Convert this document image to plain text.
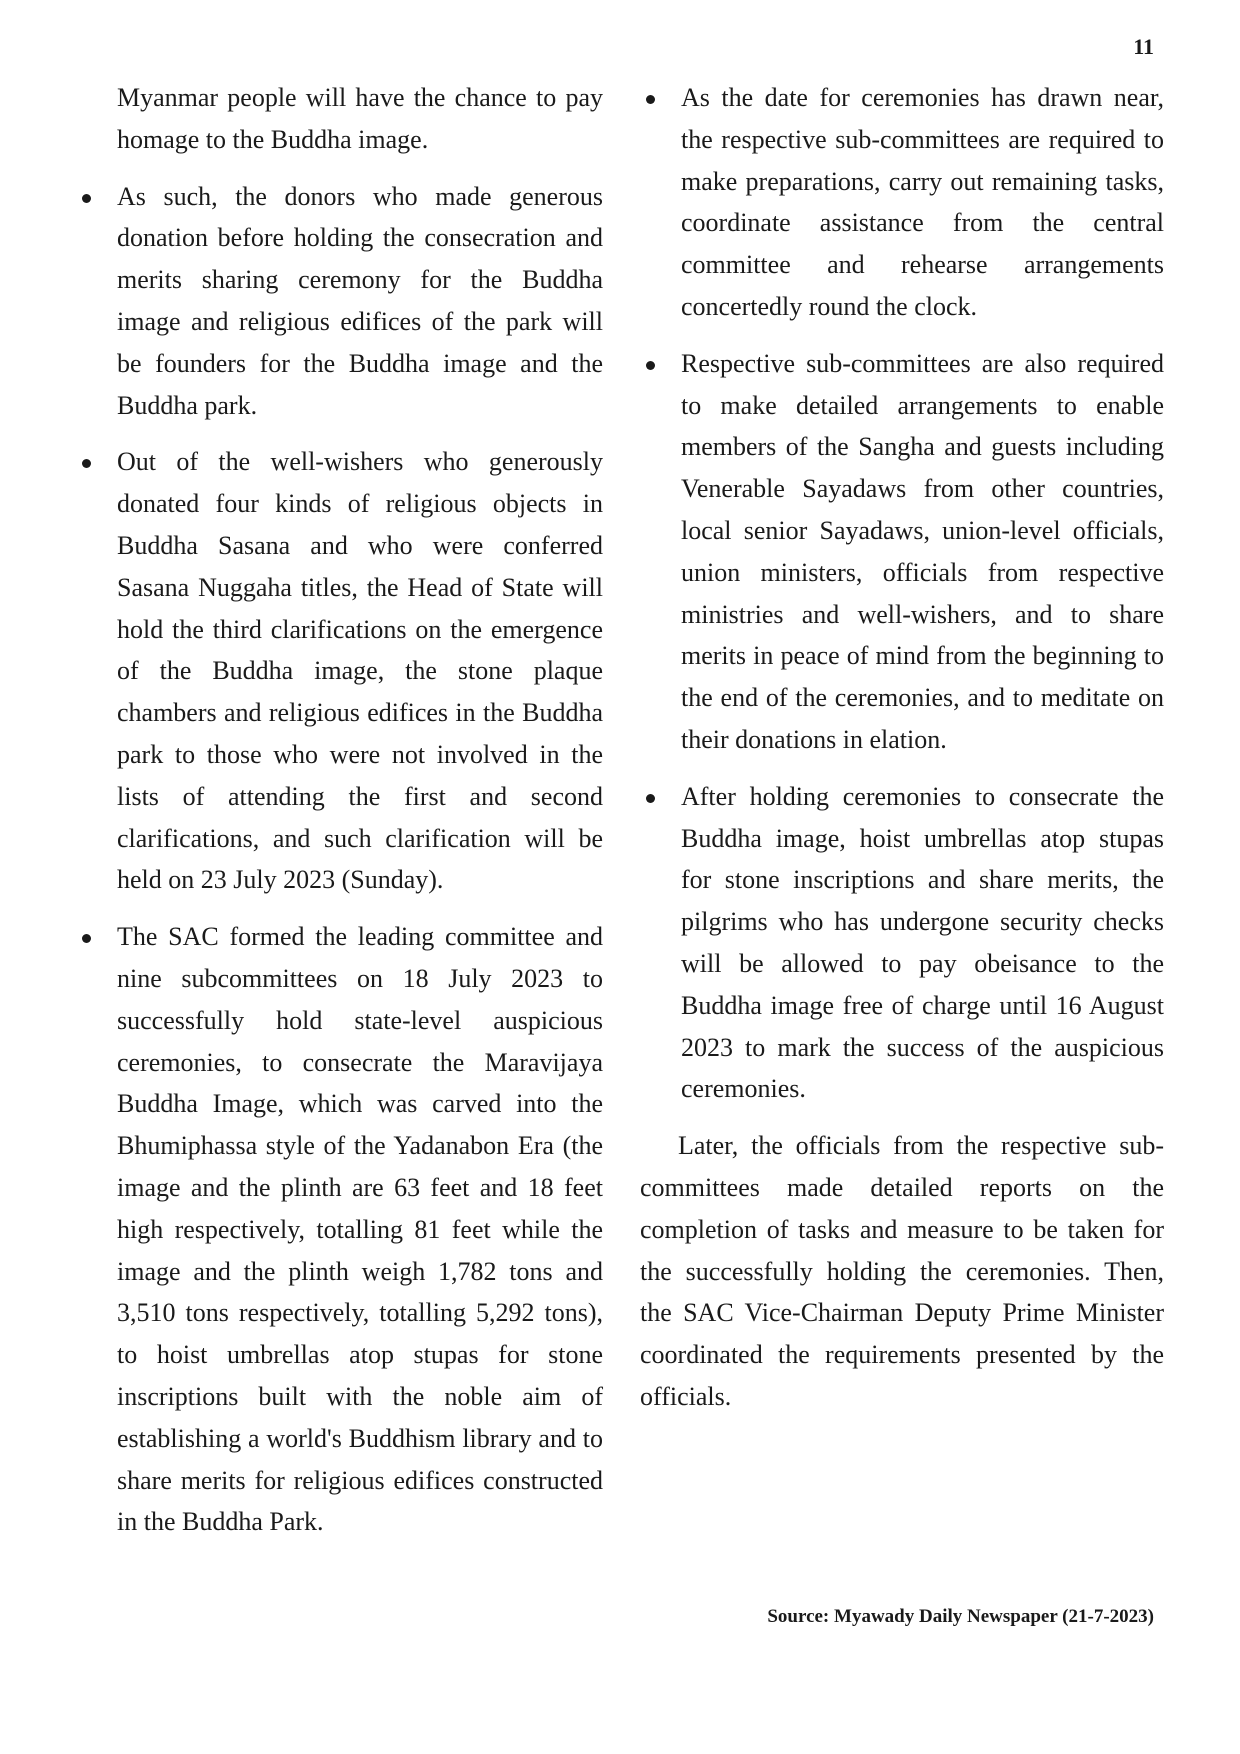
11

Myanmar people will have the chance to pay homage to the Buddha image.

As such, the donors who made generous donation before holding the consecration and merits sharing ceremony for the Buddha image and religious edifices of the park will be founders for the Buddha image and the Buddha park.
Out of the well-wishers who generously donated four kinds of religious objects in Buddha Sasana and who were conferred Sasana Nuggaha titles, the Head of State will hold the third clarifications on the emergence of the Buddha image, the stone plaque chambers and religious edifices in the Buddha park to those who were not involved in the lists of attending the first and second clarifications, and such clarification will be held on 23 July 2023 (Sunday).
The SAC formed the leading committee and nine subcommittees on 18 July 2023 to successfully hold state-level auspicious ceremonies, to consecrate the Maravijaya Buddha Image, which was carved into the Bhumiphassa style of the Yadanabon Era (the image and the plinth are 63 feet and 18 feet high respectively, totalling 81 feet while the image and the plinth weigh 1,782 tons and 3,510 tons respectively, totalling 5,292 tons), to hoist umbrellas atop stupas for stone inscriptions built with the noble aim of establishing a world's Buddhism library and to share merits for religious edifices constructed in the Buddha Park.
As the date for ceremonies has drawn near, the respective sub-committees are required to make preparations, carry out remaining tasks, coordinate assistance from the central committee and rehearse arrangements concertedly round the clock.
Respective sub-committees are also required to make detailed arrangements to enable members of the Sangha and guests including Venerable Sayadaws from other countries, local senior Sayadaws, union-level officials, union ministers, officials from respective ministries and well-wishers, and to share merits in peace of mind from the beginning to the end of the ceremonies, and to meditate on their donations in elation.
After holding ceremonies to consecrate the Buddha image, hoist umbrellas atop stupas for stone inscriptions and share merits, the pilgrims who has undergone security checks will be allowed to pay obeisance to the Buddha image free of charge until 16 August 2023 to mark the success of the auspicious ceremonies.

Later, the officials from the respective sub-committees made detailed reports on the completion of tasks and measure to be taken for the successfully holding the ceremonies. Then, the SAC Vice-Chairman Deputy Prime Minister coordinated the requirements presented by the officials.

Source: Myawady Daily Newspaper (21-7-2023)
